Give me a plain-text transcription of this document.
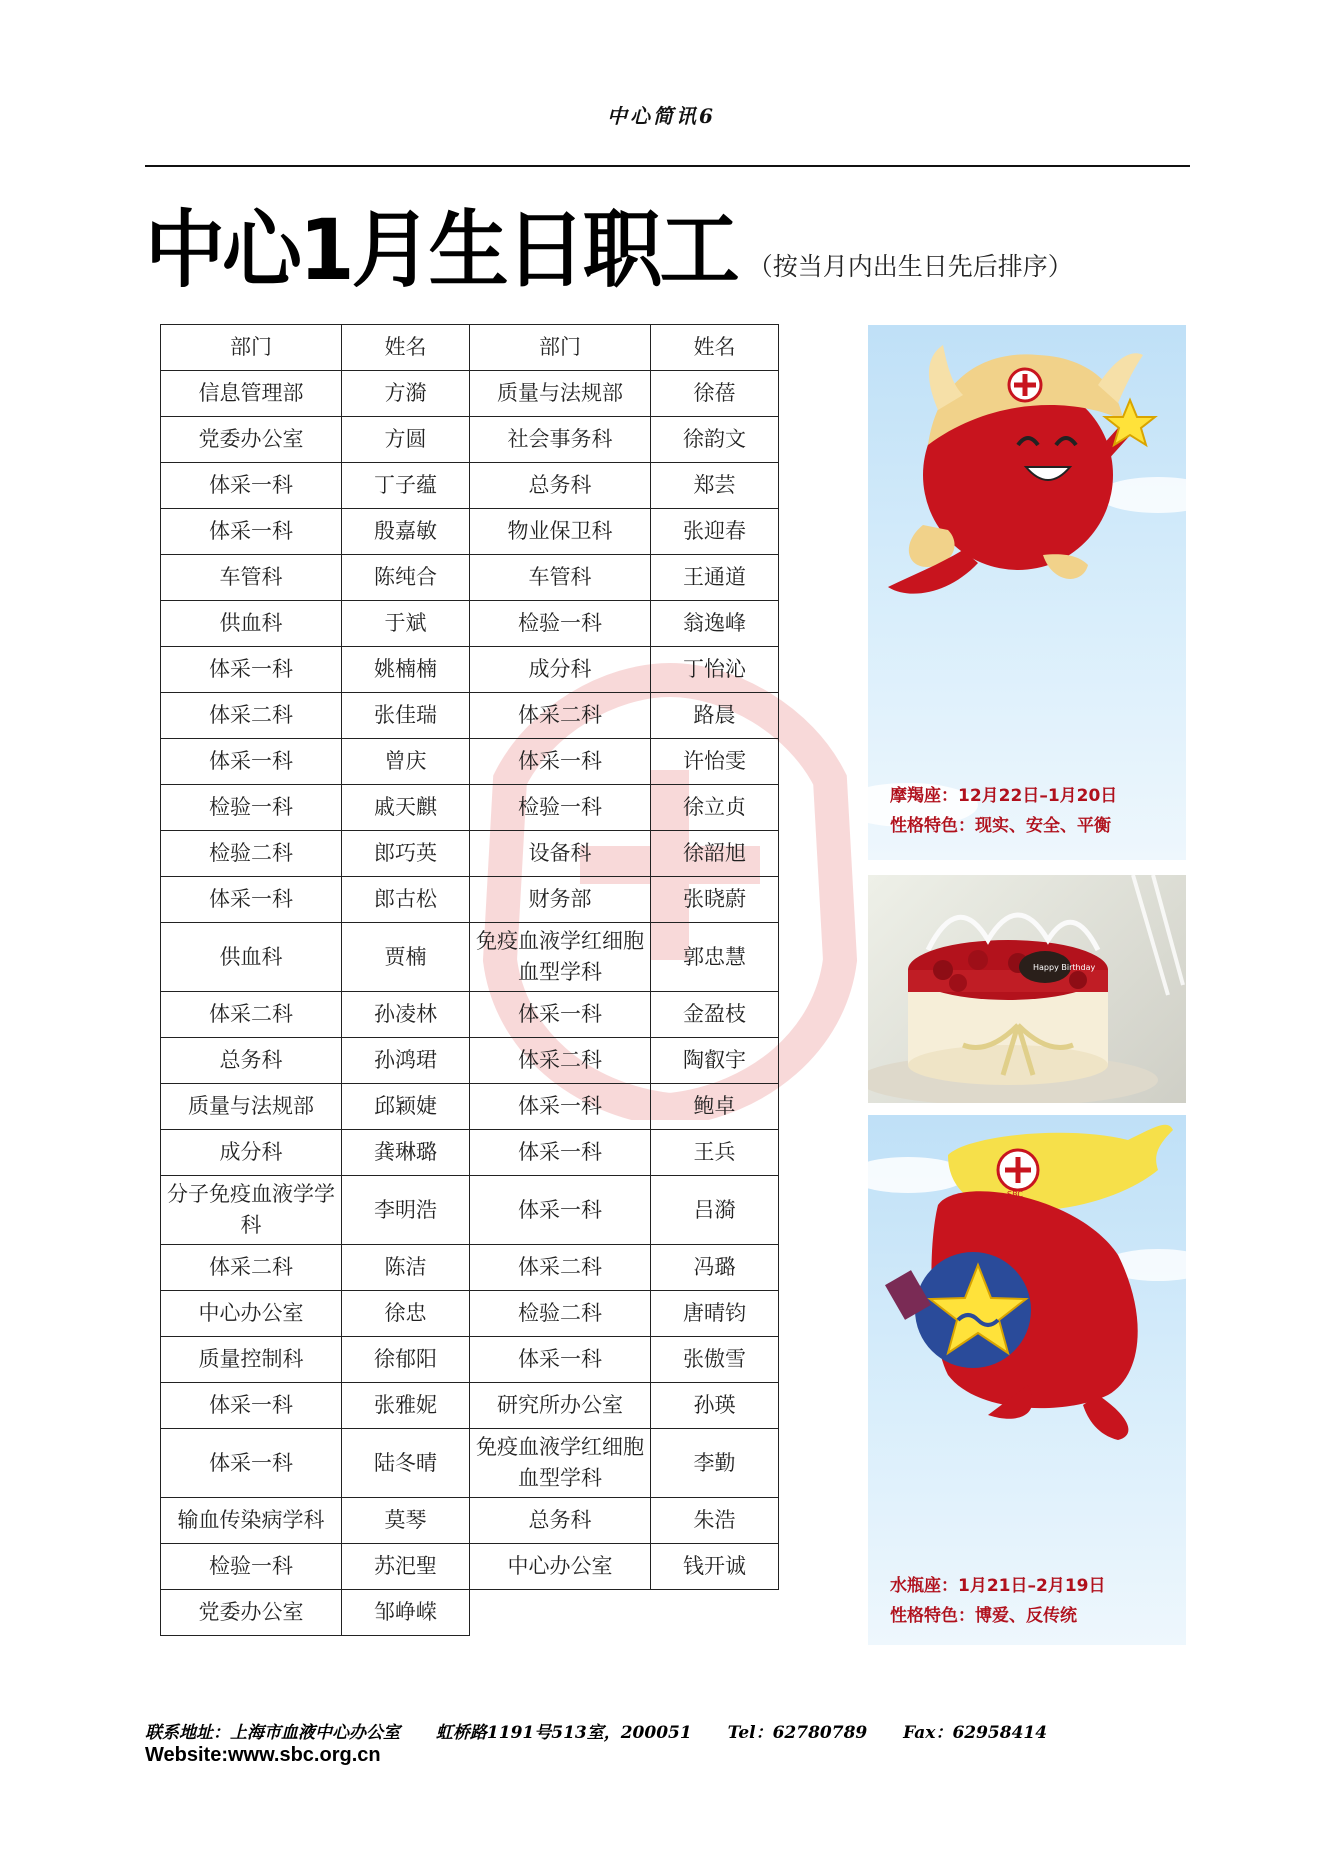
中心简讯6
中心1月生日职工 （按当月内出生日先后排序）
部门	姓名	部门	姓名
信息管理部	方漪	质量与法规部	徐蓓
党委办公室	方圆	社会事务科	徐韵文
体采一科	丁子蕴	总务科	郑芸
体采一科	殷嘉敏	物业保卫科	张迎春
车管科	陈纯合	车管科	王通道
供血科	于斌	检验一科	翁逸峰
体采一科	姚楠楠	成分科	丁怡沁
体采二科	张佳瑞	体采二科	路晨
体采一科	曾庆	体采一科	许怡雯
检验一科	戚天麒	检验一科	徐立贞
检验二科	郎巧英	设备科	徐韶旭
体采一科	郎古松	财务部	张晓蔚
供血科	贾楠	免疫血液学红细胞血型学科	郭忠慧
体采二科	孙凌林	体采一科	金盈枝
总务科	孙鸿珺	体采二科	陶叡宇
质量与法规部	邱颖婕	体采一科	鲍卓
成分科	龚琳璐	体采一科	王兵
分子免疫血液学学科	李明浩	体采一科	吕漪
体采二科	陈洁	体采二科	冯璐
中心办公室	徐忠	检验二科	唐晴钧
质量控制科	徐郁阳	体采一科	张傲雪
体采一科	张雅妮	研究所办公室	孙瑛
体采一科	陆冬晴	免疫血液学红细胞血型学科	李勤
输血传染病学科	莫琴	总务科	朱浩
检验一科	苏汜聖	中心办公室	钱开诚
党委办公室	邹峥嵘		
摩羯座：12月22日–1月20日
性格特色：现实、安全、平衡
Happy Birthday
SBC
水瓶座：1月21日–2月19日
性格特色：博爱、反传统
联系地址：上海市血液中心办公室 虹桥路1191号513室，200051 Tel：62780789 Fax：62958414
Website:www.sbc.org.cn
